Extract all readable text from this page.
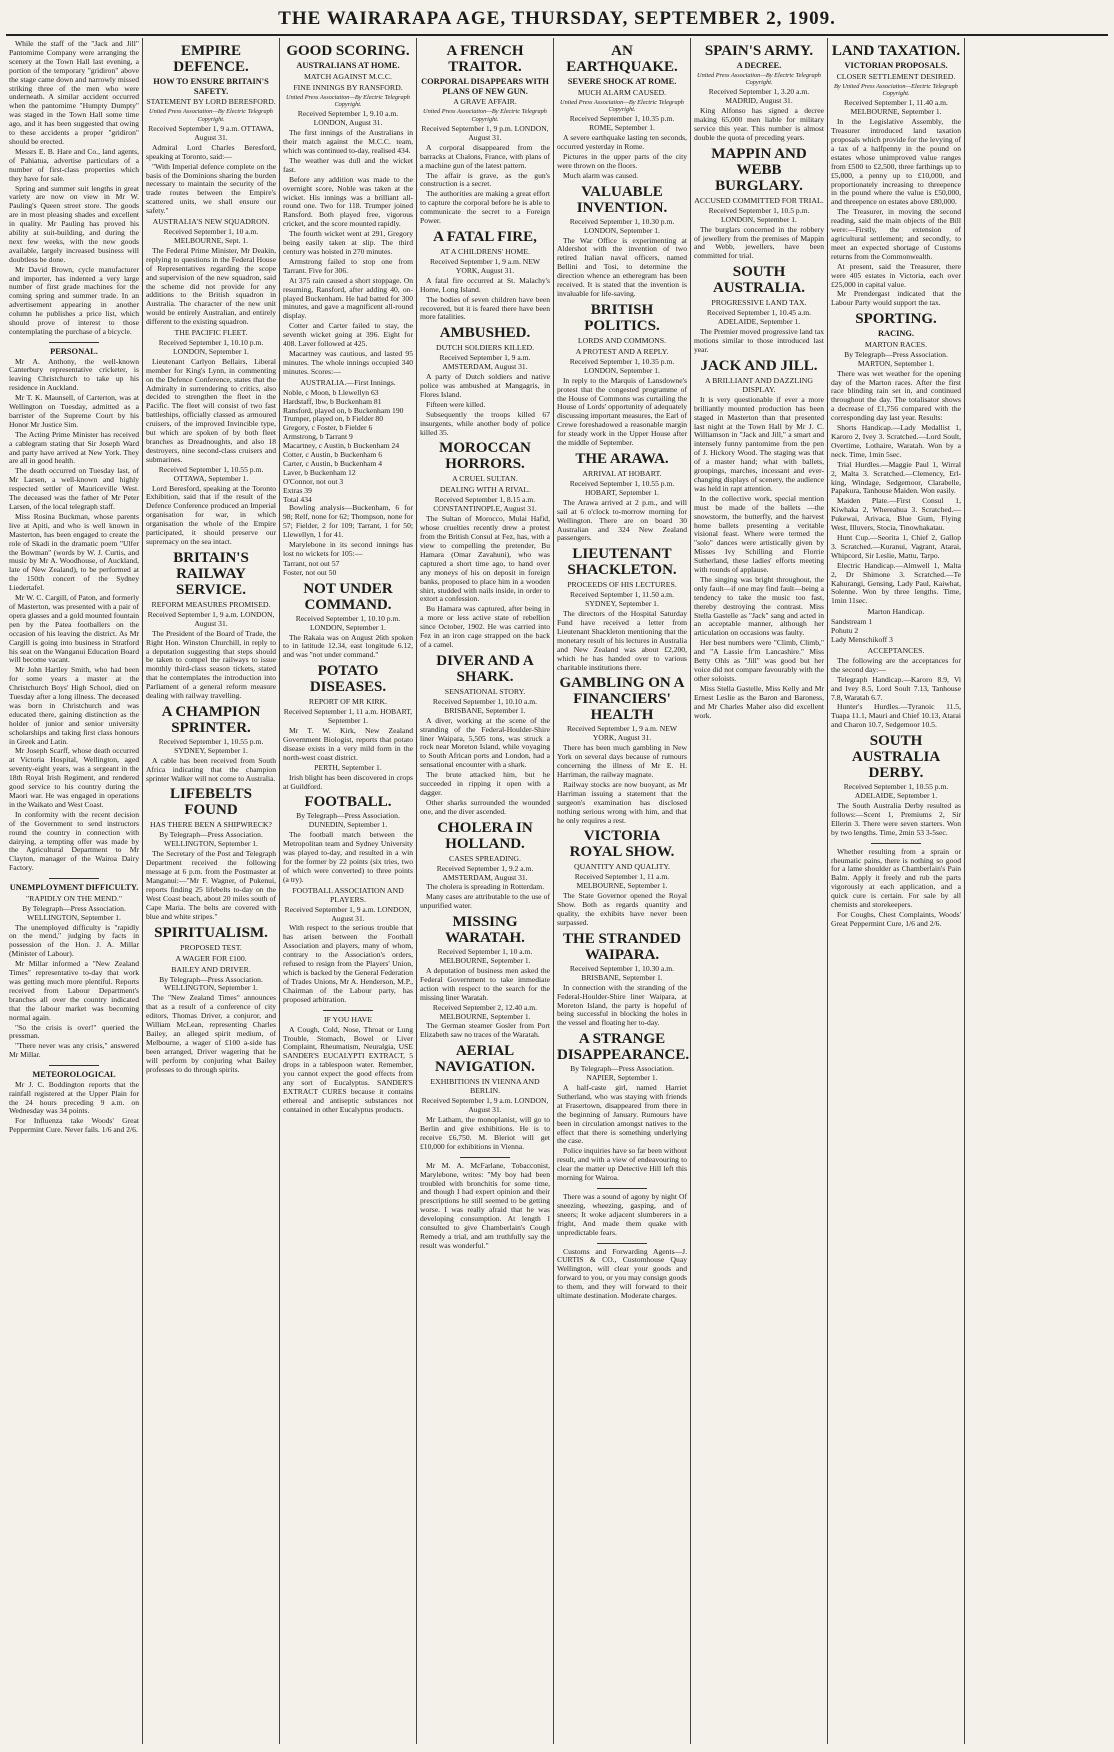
THE WAIRARAPA AGE, THURSDAY, SEPTEMBER 2, 1909.
While the staff of the "Jack and Jill" Pantomime Company were arranging the scenery at the Town Hall last evening, a portion of the temporary "gridiron" above the stage came down and narrowly missed striking three of the men who were underneath. A similar accident occurred when the pantomime "Humpty Dumpty" was staged in the Town Hall some time ago, and it has been suggested that owing to these accidents a proper "gridiron" should be erected.
Messrs E. B. Hare and Co., land agents, of Pahiatua, advertise particulars of a number of first-class properties which they have for sale.
Spring and summer suit lengths in great variety are now on view in Mr W. Pauling's Queen street store. The goods are in most pleasing shades and excellent in quality. Mr Pauling has proved his ability at suit-building, and during the next few weeks, with the new goods available, largely increased business will doubtless be done.
Mr David Brown, cycle manufacturer and importer, has indented a very large number of first grade machines for the coming spring and summer trade. In an advertisement appearing in another column he publishes a price list, which should prove of interest to those contemplating the purchase of a bicycle.
PERSONAL.
Mr A. Anthony, the well-known Canterbury representative cricketer, is leaving Christchurch to take up his residence in Auckland.
Mr T. K. Maunsell, of Carterton, was at Wellington on Tuesday, admitted as a barrister of the Supreme Court by his Honor Mr Justice Sim.
The Acting Prime Minister has received a cablegram stating that Sir Joseph Ward and party have arrived at New York. They are all in good health.
The death occurred on Tuesday last, of Mr Larsen, a well-known and highly respected settler of Mauriceville West. The deceased was the father of Mr Peter Larsen, of the local telegraph staff.
Miss Rosina Buckman, whose parents live at Apiti, and who is well known in Masterton, has been engaged to create the role of Skadi in the dramatic poem "Ulfer the Bowman" (words by W. J. Curtis, and music by Mr A. Woodhouse, of Auckland, late of New Zealand), to be performed at the 150th concert of the Sydney Liedertafel.
Mr W. C. Cargill, of Paton, and formerly of Masterton, was presented with a pair of opera glasses and a gold mounted fountain pen by the Patea footballers on the occasion of his leaving the district. As Mr Cargill is going into business in Stratford his seat on the Wanganui Education Board will become vacant.
Mr John Hartley Smith, who had been for some years a master at the Christchurch Boys' High School, died on Tuesday after a long illness. The deceased was born in Christchurch and was educated there, gaining distinction as the holder of junior and senior university scholarships and taking first class honours in Greek and Latin.
Mr Joseph Scarff, whose death occurred at Victoria Hospital, Wellington, aged seventy-eight years, was a sergeant in the 18th Royal Irish Regiment, and rendered good service to his country during the Maori war. He was engaged in operations in the Waikato and West Coast.
In conformity with the recent decision of the Government to send instructors round the country in connection with dairying, a tempting offer was made by the Agricultural Department to Mr Clayton, manager of the Wairoa Dairy Factory.
UNEMPLOYMENT DIFFICULTY.
"RAPIDLY ON THE MEND."
By Telegraph—Press Association. WELLINGTON, September 1.
The unemployed difficulty is "rapidly on the mend," judging by facts in possession of the Hon. J. A. Millar (Minister of Labour).
Mr Millar informed a "New Zealand Times" representative to-day that work was getting much more plentiful. Reports received from Labour Department's branches all over the country indicated that the labour market was becoming normal again.
"So the crisis is over!" queried the pressman.
"There never was any crisis," answered Mr Millar.
METEOROLOGICAL
Mr J. C. Boddington reports that the rainfall registered at the Upper Plain for the 24 hours preceding 9 a.m. on Wednesday was 34 points.
For Influenza take Woods' Great Peppermint Cure. Never fails. 1/6 and 2/6.
EMPIRE DEFENCE.
HOW TO ENSURE BRITAIN'S SAFETY.
STATEMENT BY LORD BERESFORD.
United Press Association—By Electric Telegraph Copyright.
Received September 1, 9 a.m. OTTAWA, August 31.
Admiral Lord Charles Beresford, speaking at Toronto, said:—
"With Imperial defence complete on the basis of the Dominions sharing the burden necessary to maintain the security of the trade routes between the Empire's scattered units, we shall ensure our safety."
AUSTRALIA'S NEW SQUADRON.
Received September 1, 10 a.m. MELBOURNE, Sept. 1.
The Federal Prime Minister, Mr Deakin, replying to questions in the Federal House of Representatives regarding the scope and supervision of the new squadron, said the scheme did not provide for any additions to the British squadron in Australia. The character of the new unit would be entirely Australian, and entirely different to the existing squadron.
THE PACIFIC FLEET.
Received September 1, 10.10 p.m. LONDON, September 1.
Lieutenant Carlyon Bellairs, Liberal member for King's Lynn, in commenting on the Defence Conference, states that the Admiralty in surrendering to critics, also decided to strengthen the fleet in the Pacific. The fleet will consist of two fast battleships, officially classed as armoured cruisers, of the improved Invincible type, but which are spoken of by both fleet branches as Dreadnoughts, and also 18 destroyers, nine second-class cruisers and submarines.
Received September 1, 10.55 p.m. OTTAWA, September 1.
Lord Beresford, speaking at the Toronto Exhibition, said that if the result of the Defence Conference produced an Imperial organisation for war, in which organisation the whole of the Empire participated, it should preserve our supremacy on the sea intact.
BRITAIN'S RAILWAY SERVICE.
REFORM MEASURES PROMISED.
Received September 1, 9 a.m. LONDON, August 31.
The President of the Board of Trade, the Right Hon. Winston Churchill, in reply to a deputation suggesting that steps should be taken to compel the railways to issue monthly third-class season tickets, stated that he contemplates the introduction into Parliament of a general reform measure dealing with railway travelling.
A CHAMPION SPRINTER.
Received September 1, 10.55 p.m. SYDNEY, September 1.
A cable has been received from South Africa indicating that the champion sprinter Walker will not come to Australia.
LIFEBELTS FOUND
HAS THERE BEEN A SHIPWRECK?
By Telegraph—Press Association. WELLINGTON, September 1.
The Secretary of the Post and Telegraph Department received the following message at 6 p.m. from the Postmaster at Manganui:—"Mr F. Wagner, of Pukenui, reports finding 25 lifebelts to-day on the West Coast beach, about 20 miles south of Cape Maria. The belts are covered with blue and white stripes."
SPIRITUALISM.
PROPOSED TEST.
A WAGER FOR £100.
BAILEY AND DRIVER.
By Telegraph—Press Association. WELLINGTON, September 1.
The "New Zealand Times" announces that as a result of a conference of city editors, Thomas Driver, a conjuror, and William McLean, representing Charles Bailey, an alleged spirit medium, of Melbourne, a wager of £100 a-side has been arranged, Driver wagering that he will perform by conjuring what Bailey professes to do through spirits.
GOOD SCORING.
AUSTRALIANS AT HOME.
MATCH AGAINST M.C.C.
FINE INNINGS BY RANSFORD.
United Press Association—By Electric Telegraph Copyright.
Received September 1, 9.10 a.m. LONDON, August 31.
The first innings of the Australians in their match against the M.C.C. team, which was continued to-day, realised 434.
The weather was dull and the wicket fast.
Before any addition was made to the overnight score, Noble was taken at the wicket. His innings was a brilliant all-round one. Two for 118. Trumper joined Ransford. Both played free, vigorous cricket, and the score mounted rapidly.
The fourth wicket went at 291, Gregory being easily taken at slip. The third century was hoisted in 270 minutes.
Armstrong failed to stop one from Tarrant. Five for 306.
At 375 rain caused a short stoppage. On resuming, Ransford, after adding 40, on-played Buckenham. He had batted for 300 minutes, and gave a magnificent all-round display.
Cotter and Carter failed to stay, the seventh wicket going at 396. Eight for 408. Laver followed at 425.
Macartney was cautious, and lasted 95 minutes. The whole innings occupied 340 minutes. Scores:—
AUSTRALIA.—First Innings.
Noble, c Moon, b Llewellyn 63
Hardstaff, lbw, b Buckenham 81
Ransford, played on, b Buckenham 190
Trumper, played on, b Fielder 80
Gregory, c Foster, b Fielder 6
Armstrong, b Tarrant 9
Macartney, c Austin, b Buckenham 24
Cotter, c Austin, b Buckenham 6
Carter, c Austin, b Buckenham 4
Laver, b Buckenham 12
O'Connor, not out 3
Extras 39
Total 434
Bowling analysis—Buckenham, 6 for 98; Relf, none for 62; Thompson, none for 57; Fielder, 2 for 109; Tarrant, 1 for 50; Llewellyn, 1 for 41.
Marylebone in its second innings has lost no wickets for 105:—
Tarrant, not out 57
Foster, not out 50
NOT UNDER COMMAND.
Received September 1, 10.10 p.m. LONDON, September 1.
The Rakaia was on August 26th spoken to in latitude 12.34, east longitude 6.12, and was "not under command."
POTATO DISEASES.
REPORT OF MR KIRK.
Received September 1, 11 a.m. HOBART, September 1.
Mr T. W. Kirk, New Zealand Government Biologist, reports that potato disease exists in a very mild form in the north-west coast district.
PERTH, September 1.
Irish blight has been discovered in crops at Guildford.
FOOTBALL.
By Telegraph—Press Association. DUNEDIN, September 1.
The football match between the Metropolitan team and Sydney University was played to-day, and resulted in a win for the former by 22 points (six tries, two of which were converted) to three points (a try).
FOOTBALL ASSOCIATION AND PLAYERS.
Received September 1, 9 a.m. LONDON, August 31.
With respect to the serious trouble that has arisen between the Football Association and players, many of whom, contrary to the Association's orders, refused to resign from the Players' Union, which is backed by the General Federation of Trades Unions, Mr A. Henderson, M.P., Chairman of the Labour party, has proposed arbitration.
IF YOU HAVE
A Cough, Cold, Nose, Throat or Lung Trouble, Stomach, Bowel or Liver Complaint, Rheumatism, Neuralgia, USE SANDER'S EUCALYPTI EXTRACT, 5 drops in a tablespoon water. Remember, you cannot expect the good effects from any sort of Eucalyptus. SANDER'S EXTRACT CURES because it contains ethereal and antiseptic substances not contained in other Eucalyptus products.
A FRENCH TRAITOR.
CORPORAL DISAPPEARS WITH PLANS OF NEW GUN.
A GRAVE AFFAIR.
United Press Association—By Electric Telegraph Copyright.
Received September 1, 9 p.m. LONDON, August 31.
A corporal disappeared from the barracks at Chalons, France, with plans of a machine gun of the latest pattern.
The affair is grave, as the gun's construction is a secret.
The authorities are making a great effort to capture the corporal before he is able to communicate the secret to a Foreign Power.
A FATAL FIRE,
AT A CHILDRENS' HOME.
Received September 1, 9 a.m. NEW YORK, August 31.
A fatal fire occurred at St. Malachy's Home, Long Island.
The bodies of seven children have been recovered, but it is feared there have been more fatalities.
AMBUSHED.
DUTCH SOLDIERS KILLED.
Received September 1, 9 a.m. AMSTERDAM, August 31.
A party of Dutch soldiers and native police was ambushed at Mangagris, in Flores Island.
Fifteen were killed.
Subsequently the troops killed 67 insurgents, while another body of police killed 35.
MOROCCAN HORRORS.
A CRUEL SULTAN.
DEALING WITH A RIVAL.
Received September 1, 8.15 a.m. CONSTANTINOPLE, August 31.
The Sultan of Morocco, Mulai Hafid, whose cruelties recently drew a protest from the British Consul at Fez, has, with a view to compelling the pretender, Bu Hamara (Omar Zavahuni), who was captured a short time ago, to hand over any moneys of his on deposit in foreign banks, proposed to place him in a wooden shirt, studded with nails inside, in order to extort a confession.
Bu Hamara was captured, after being in a more or less active state of rebellion since October, 1902. He was carried into Fez in an iron cage strapped on the back of a camel.
DIVER AND A SHARK.
SENSATIONAL STORY.
Received September 1, 10.10 a.m. BRISBANE, September 1.
A diver, working at the scene of the stranding of the Federal-Houlder-Shire liner Waipara, 5,505 tons, was struck a rock near Moreton Island, while voyaging to South African ports and London, had a sensational encounter with a shark.
The brute attacked him, but he succeeded in ripping it open with a dagger.
Other sharks surrounded the wounded one, and the diver ascended.
CHOLERA IN HOLLAND.
CASES SPREADING.
Received September 1, 9.2 a.m. AMSTERDAM, August 31.
The cholera is spreading in Rotterdam.
Many cases are attributable to the use of unpurified water.
MISSING WARATAH.
Received September 1, 10 a.m. MELBOURNE, September 1.
A deputation of business men asked the Federal Government to take immediate action with respect to the search for the missing liner Waratah.
Received September 2, 12.40 a.m. MELBOURNE, September 1.
The German steamer Gosler from Port Elizabeth saw no traces of the Waratah.
AERIAL NAVIGATION.
EXHIBITIONS IN VIENNA AND BERLIN.
Received September 1, 9 a.m. LONDON, August 31.
Mr Latham, the monoplanist, will go to Berlin and give exhibitions. He is to receive £6,750. M. Bleriot will get £10,000 for exhibitions in Vienna.
Mr M. A. McFarlane, Tobacconist, Marylebone, writes: "My boy had been troubled with bronchitis for some time, and though I had expert opinion and their prescriptions he still seemed to be getting worse. I was really afraid that he was developing consumption. At length I consulted to give Chamberlain's Cough Remedy a trial, and am truthfully say the result was wonderful."
AN EARTHQUAKE.
SEVERE SHOCK AT ROME.
MUCH ALARM CAUSED.
United Press Association—By Electric Telegraph Copyright.
Received September 1, 10.35 p.m. ROME, September 1.
A severe earthquake lasting ten seconds, occurred yesterday in Rome.
Pictures in the upper parts of the city were thrown on the floors.
Much alarm was caused.
VALUABLE INVENTION.
Received September 1, 10.30 p.m. LONDON, September 1.
The War Office is experimenting at Aldershot with the invention of two retired Italian naval officers, named Bellini and Tosi, to determine the direction whence an etheregram has been received. It is stated that the invention is invaluable for life-saving.
BRITISH POLITICS.
LORDS AND COMMONS.
A PROTEST AND A REPLY.
Received September 1, 10.35 p.m. LONDON, September 1.
In reply to the Marquis of Lansdowne's protest that the congested programme of the House of Commons was curtailing the House of Lords' opportunity of adequately discussing important measures, the Earl of Crewe foreshadowed a reasonable margin for steady work in the Upper House after the middle of September.
THE ARAWA.
ARRIVAL AT HOBART.
Received September 1, 10.55 p.m. HOBART, September 1.
The Arawa arrived at 2 p.m., and will sail at 6 o'clock to-morrow morning for Wellington. There are on board 30 Australian and 324 New Zealand passengers.
LIEUTENANT SHACKLETON.
PROCEEDS OF HIS LECTURES.
Received September 1, 11.50 a.m. SYDNEY, September 1.
The directors of the Hospital Saturday Fund have received a letter from Lieutenant Shackleton mentioning that the monetary result of his lectures in Australia and New Zealand was about £2,200, which he has handed over to various charitable institutions there.
GAMBLING ON A FINANCIERS' HEALTH
Received September 1, 9 a.m. NEW YORK, August 31.
There has been much gambling in New York on several days because of rumours concerning the illness of Mr E. H. Harriman, the railway magnate.
Railway stocks are now buoyant, as Mr Harriman issuing a statement that the surgeon's examination has disclosed nothing serious wrong with him, and that he only requires a rest.
VICTORIA ROYAL SHOW.
QUANTITY AND QUALITY.
Received September 1, 11 a.m. MELBOURNE, September 1.
The State Governor opened the Royal Show. Both as regards quantity and quality, the exhibits have never been surpassed.
THE STRANDED WAIPARA.
Received September 1, 10.30 a.m. BRISBANE, September 1.
In connection with the stranding of the Federal-Houlder-Shire liner Waipara, at Moreton Island, the party is hopeful of being successful in blocking the holes in the vessel and floating her to-day.
A STRANGE DISAPPEARANCE.
By Telegraph—Press Association. NAPIER, September 1.
A half-caste girl, named Harriet Sutherland, who was staying with friends at Frasertown, disappeared from there in the beginning of January. Rumours have been in circulation amongst natives to the effect that there is something underlying the case.
Police inquiries have so far been without result, and with a view of endeavouring to clear the matter up Detective Hill left this morning for Wairoa.
There was a sound of agony by night Of sneezing, wheezing, gasping, and of sneers; It woke adjacent slumberers in a fright, And made them quake with unpredictable fears.
Customs and Forwarding Agents—J. CURTIS & CO., Customhouse Quay Wellington, will clear your goods and forward to you, or you may consign goods to them, and they will forward to their ultimate destination. Moderate charges.
SPAIN'S ARMY.
A DECREE.
United Press Association—By Electric Telegraph Copyright.
Received September 1, 3.20 a.m. MADRID, August 31.
King Alfonso has signed a decree making 65,000 men liable for military service this year. This number is almost double the quota of preceding years.
MAPPIN AND WEBB BURGLARY.
ACCUSED COMMITTED FOR TRIAL.
Received September 1, 10.5 p.m. LONDON, September 1.
The burglars concerned in the robbery of jewellery from the premises of Mappin and Webb, jewellers, have been committed for trial.
SOUTH AUSTRALIA.
PROGRESSIVE LAND TAX.
Received September 1, 10.45 a.m. ADELAIDE, September 1.
The Premier moved progressive land tax motions similar to those introduced last year.
JACK AND JILL.
A BRILLIANT AND DAZZLING DISPLAY.
It is very questionable if ever a more brilliantly mounted production has been staged in Masterton than that presented last night at the Town Hall by Mr J. C. Williamson in "Jack and Jill," a smart and intensely funny pantomime from the pen of J. Hickory Wood. The staging was that of a master hand; what with ballets, groupings, marches, incessant and ever-changing displays of scenery, the audience was held in rapt attention.
In the collective work, special mention must be made of the ballets —the snowstorm, the butterfly, and the harvest home ballets presenting a veritable visional feast. Where were termed the "solo" dances were artistically given by Misses Ivy Schilling and Florrie Sutherland, these ladies' efforts meeting with rounds of applause.
The singing was bright throughout, the only fault—if one may find fault—being a tendency to take the music too fast, thereby destroying the contrast. Miss Stella Gastelle as "Jack" sang and acted in an acceptable manner, although her articulation on occasions was faulty.
Her best numbers were "Climb, Climb," and "A Lassie fr'm Lancashire." Miss Betty Ohls as "Jill" was good but her voice did not compare favourably with the other soloists.
Miss Stella Gastelle, Miss Kelly and Mr Ernest Leslie as the Baron and Baroness, and Mr Charles Maher also did excellent work.
LAND TAXATION.
VICTORIAN PROPOSALS.
CLOSER SETTLEMENT DESIRED.
By United Press Association—Electric Telegraph Copyright.
Received September 1, 11.40 a.m. MELBOURNE, September 1.
In the Legislative Assembly, the Treasurer introduced land taxation proposals which provide for the levying of a tax of a halfpenny in the pound on estates whose unimproved value ranges from £500 to £2,500, three farthings up to £5,000, a penny up to £10,000, and proportionately increasing to threepence in the pound where the value is £50,000, and threepence on estates above £80,000.
The Treasurer, in moving the second reading, said the main objects of the Bill were:—Firstly, the extension of agricultural settlement; and secondly, to meet an expected shortage of Customs returns from the Commonwealth.
At present, said the Treasurer, there were 405 estates in Victoria, each over £25,000 in capital value.
Mr Prendergast indicated that the Labour Party would support the tax.
SPORTING.
RACING.
MARTON RACES.
By Telegraph—Press Association. MARTON, September 1.
There was wet weather for the opening day of the Marton races. After the first race blinding rain set in, and continued throughout the day. The totalisator shows a decrease of £1,756 compared with the corresponding day last year. Results:
Shorts Handicap.—Lady Medallist 1, Karoro 2, Ivey 3. Scratched.—Lord Soult, Overtime, Lothaire, Waratah. Won by a neck. Time, 1min 5sec.
Trial Hurdles.—Maggie Paul 1, Wirral 2, Malta 3. Scratched.—Clemency, Erl-king, Windage, Sedgemoor, Clarabelle, Papakura, Tanhouse Maiden. Won easily.
Maiden Plate.—First Consul 1, Kiwhaka 2, Whereahua 3. Scratched.—Pukewai, Arivaca, Blue Gum, Flying West, Illuvers, Stocia, Tinowhakatau.
Hunt Cup.—Seorita 1, Chief 2, Gallop 3. Scratched.—Kuranui, Vagrant, Atarai, Whipcord, Sir Leslie, Mattu, Tarpo.
Electric Handicap.—Almwell 1, Malta 2, Dr Shimone 3. Scratched.—Te Kahurangi, Gensing, Lady Paul, Kaiwhat, Solenne. Won by three lengths. Time, 1min 11sec.
Marton Handicap.
Sandstream 1
Pohutu 2
Lady Menschikoff 3
ACCEPTANCES.
The following are the acceptances for the second day:—
Telegraph Handicap.—Karoro 8.9, Vi and Ivey 8.5, Lord Soult 7.13, Tanhouse 7.8, Waratah 6.7.
Hunter's Hurdles.—Tyranoic 11.5, Tuapa 11.1, Mauri and Chief 10.13, Atarai and Charon 10.7, Sedgemoor 10.5.
SOUTH AUSTRALIA DERBY.
Received September 1, 10.55 p.m. ADELAIDE, September 1.
The South Australia Derby resulted as follows:—Scent 1, Premiums 2, Sir Ellerin 3. There were seven starters. Won by two lengths. Time, 2min 53 3-5sec.
Whether resulting from a sprain or rheumatic pains, there is nothing so good for a lame shoulder as Chamberlain's Pain Balm. Apply it freely and rub the parts vigorously at each application, and a quick cure is certain. For sale by all chemists and storekeepers.
For Coughs, Chest Complaints, Woods' Great Peppermint Cure, 1/6 and 2/6.
